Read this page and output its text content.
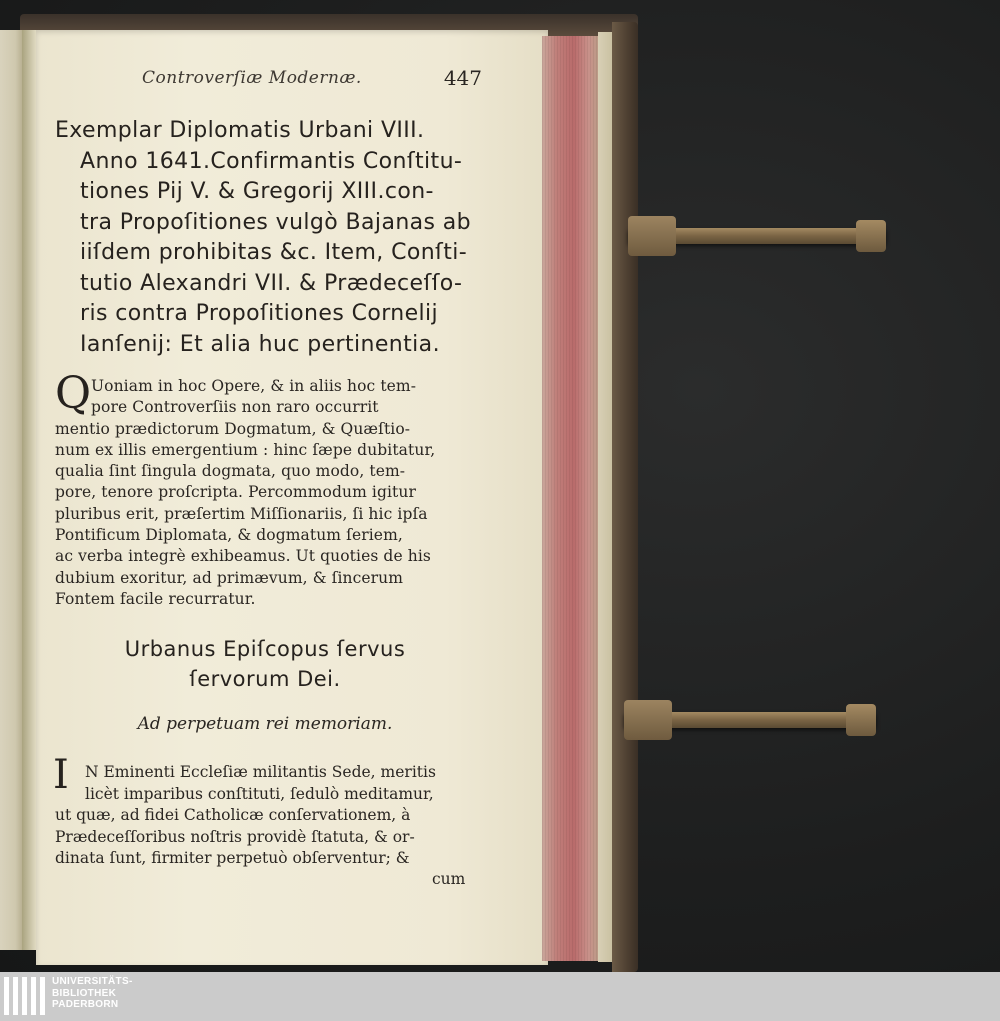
Controverſiæ Modernæ.	447
Exemplar Diplomatis Urbani VIII.
Anno 1641.Confirmantis Conſtitu-
tiones Pij V. & Gregorij XIII.con-
tra Propoſitiones vulgò Bajanas ab
iiſdem prohibitas &c. Item, Conſti-
tutio Alexandri VII. & Prædeceſſo-
ris contra Propoſitiones Cornelij
Ianſenij: Et alia huc pertinentia.
Q Uoniam in hoc Opere, & in aliis hoc tem-
pore Controverſiis non raro occurrit
mentio prædictorum Dogmatum, & Quæſtio-
num ex illis emergentium : hinc ſæpe dubitatur,
qualia ſint ſingula dogmata, quo modo, tem-
pore, tenore proſcripta. Percommodum igitur
pluribus erit, præſertim Miſſionariis, ſi hic ipſa
Pontificum Diplomata, & dogmatum ſeriem,
ac verba integrè exhibeamus. Ut quoties de his
dubium exoritur, ad primævum, & ſincerum
Fontem facile recurratur.
Urbanus Epiſcopus ſervus
ſervorum Dei.
Ad perpetuam rei memoriam.
I	N Eminenti Eccleſiæ militantis Sede, meritis
licèt imparibus conſtituti, ſedulò meditamur,
ut quæ, ad fidei Catholicæ conſervationem, à
Prædeceſſoribus noſtris providè ſtatuta, & or-
dinata ſunt, firmiter perpetuò obſerventur; &
cum
UNIVERSITÄTS-
BIBLIOTHEK
PADERBORN
